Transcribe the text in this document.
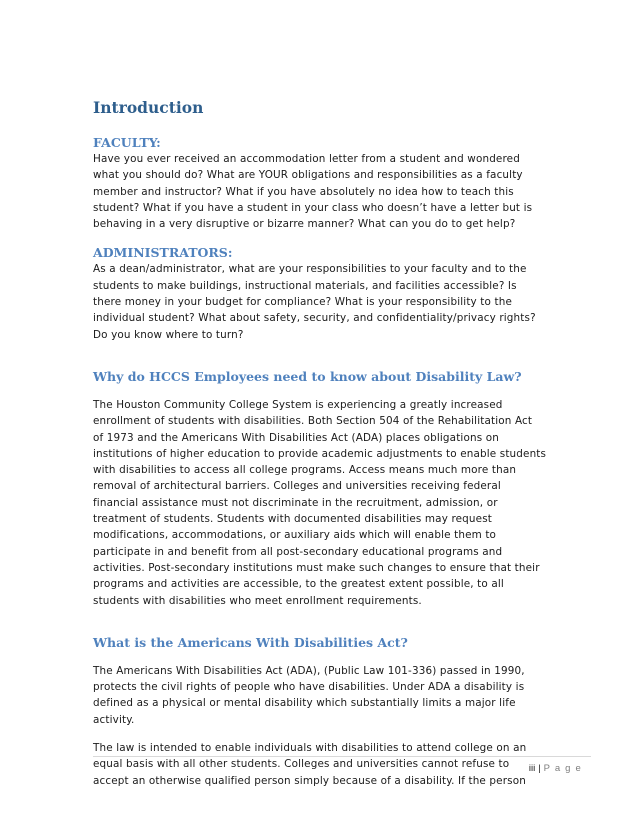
Introduction
FACULTY:

Have you ever received an accommodation letter from a student and wondered
what you should do? What are YOUR obligations and responsibilities as a faculty
member and instructor? What if you have absolutely no idea how to teach this
student? What if you have a student in your class who doesn’t have a letter but is
behaving in a very disruptive or bizarre manner? What can you do to get help?

ADMINISTRATORS:

As a dean/administrator, what are your responsibilities to your faculty and to the
students to make buildings, instructional materials, and facilities accessible? Is
there money in your budget for compliance? What is your responsibility to the
individual student? What about safety, security, and confidentiality/privacy rights?
Do you know where to turn?

Why do HCCS Employees need to know about Disability Law?

The Houston Community College System is experiencing a greatly increased
enrollment of students with disabilities. Both Section 504 of the Rehabilitation Act
of 1973 and the Americans With Disabilities Act (ADA) places obligations on
institutions of higher education to provide academic adjustments to enable students
with disabilities to access all college programs. Access means much more than
removal of architectural barriers. Colleges and universities receiving federal
financial assistance must not discriminate in the recruitment, admission, or
treatment of students. Students with documented disabilities may request
modifications, accommodations, or auxiliary aids which will enable them to
participate in and benefit from all post-secondary educational programs and
activities. Post-secondary institutions must make such changes to ensure that their
programs and activities are accessible, to the greatest extent possible, to all
students with disabilities who meet enrollment requirements.

What is the Americans With Disabilities Act?

The Americans With Disabilities Act (ADA), (Public Law 101-336) passed in 1990,
protects the civil rights of people who have disabilities. Under ADA a disability is
defined as a physical or mental disability which substantially limits a major life
activity.

The law is intended to enable individuals with disabilities to attend college on an
equal basis with all other students. Colleges and universities cannot refuse to
accept an otherwise qualified person simply because of a disability. If the person

iii | P a g e
